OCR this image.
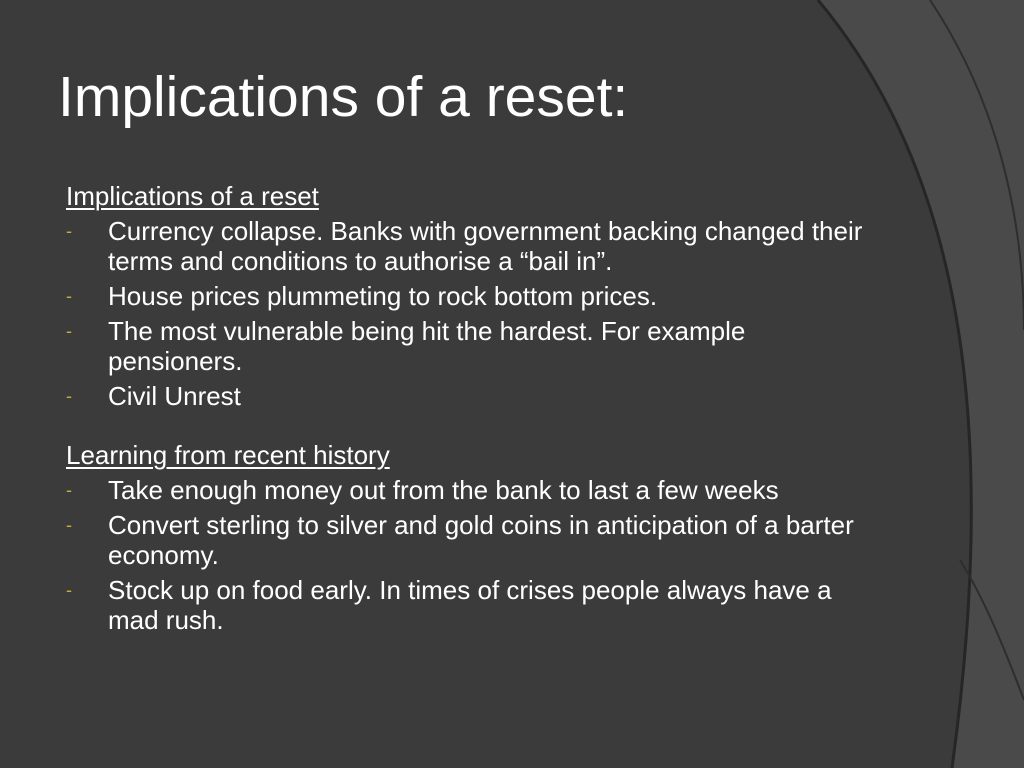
Implications of a reset:

Implications of a reset

- Currency collapse. Banks with government backing changed their terms and conditions to authorise a “bail in”.
- House prices plummeting to rock bottom prices.
- The most vulnerable being hit the hardest. For example pensioners.
- Civil Unrest

Learning from recent history

- Take enough money out from the bank to last a few weeks
- Convert sterling to silver and gold coins in anticipation of a barter economy.
- Stock up on food early. In times of crises people always have a mad rush.
